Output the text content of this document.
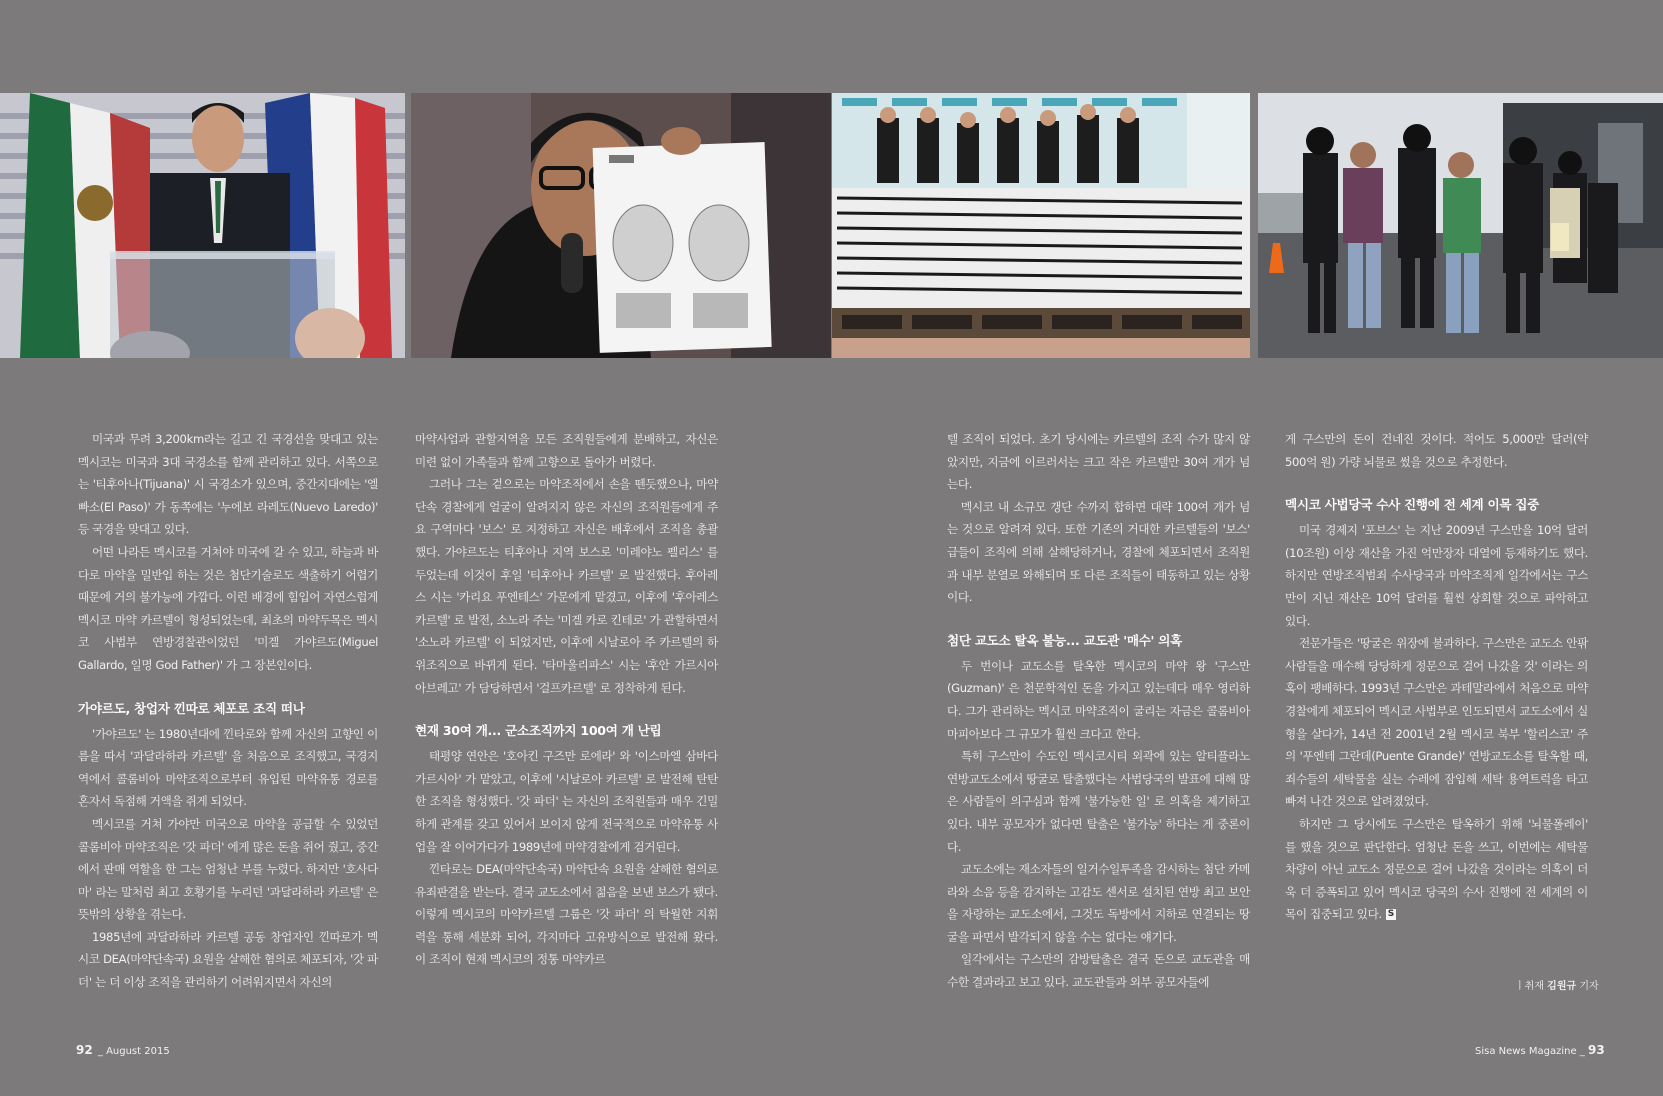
미국과 무려 3,200km라는 길고 긴 국경선을 맞대고 있는 멕시코는 미국과 3대 국경소를 함께 관리하고 있다. 서쪽으로는 '티후아나(Tijuana)' 시 국경소가 있으며, 중간지대에는 '엘 빠소(El Paso)' 가 동쪽에는 '누에보 라레도(Nuevo Laredo)' 등 국경을 맞대고 있다.

어떤 나라든 멕시코를 거쳐야 미국에 갈 수 있고, 하늘과 바다로 마약을 밀반입 하는 것은 첨단기술로도 색출하기 어렵기 때문에 거의 불가능에 가깝다. 이런 배경에 힘입어 자연스럽게 멕시코 마약 카르텔이 형성되었는데, 최초의 마약두목은 멕시코 사법부 연방경찰관이었던 '미겔 가야르도(Miguel Gallardo, 일명 God Father)' 가 그 장본인이다.

가야르도, 창업자 낀따로 체포로 조직 떠나

'가야르도' 는 1980년대에 낀타로와 함께 자신의 고향인 이름을 따서 '과달라하라 카르텔' 을 처음으로 조직했고, 국경지역에서 콜롬비아 마약조직으로부터 유입된 마약유통 경로를 혼자서 독점해 거액을 쥐게 되었다.

멕시코를 거쳐 가야만 미국으로 마약을 공급할 수 있었던 콜롬비아 마약조직은 '갓 파더' 에게 많은 돈을 쥐어 줬고, 중간에서 판매 역할을 한 그는 엄청난 부를 누렸다. 하지만 '호사다마' 라는 말처럼 최고 호황기를 누리던 '과달라하라 카르텔' 은 뜻밖의 상황을 겪는다.

1985년에 과달라하라 카르텔 공동 창업자인 낀따로가 멕시코 DEA(마약단속국) 요원을 살해한 혐의로 체포되자, '갓 파더' 는 더 이상 조직을 관리하기 어려워지면서 자신의

마약사업과 관할지역을 모든 조직원들에게 분배하고, 자신은 미련 없이 가족들과 함께 고향으로 돌아가 버렸다.

그러나 그는 겉으로는 마약조직에서 손을 뗀듯했으나, 마약단속 경찰에게 얼굴이 알려지지 않은 자신의 조직원들에게 주요 구역마다 '보스' 로 지정하고 자신은 배후에서 조직을 총괄했다. 가야르도는 티후아나 지역 보스로 '미레야노 펠리스' 를 두었는데 이것이 후일 '티후아나 카르텔' 로 발전했다. 후아레스 시는 '카리요 푸엔테스' 가문에게 맡겼고, 이후에 '후아레스 카르텔' 로 발전, 소노라 주는 '미겔 카로 킨테로' 가 관할하면서 '소노라 카르텔' 이 되었지만, 이후에 시날로아 주 카르텔의 하위조직으로 바뀌게 된다. '타마울리파스' 시는 '후안 가르시아 아브레고' 가 담당하면서 '걸프카르텔' 로 정착하게 된다.

현재 30여 개... 군소조직까지 100여 개 난립

태평양 연안은 '호아킨 구즈만 로에라' 와 '이스마엘 삼바다 가르시아' 가 맡았고, 이후에 '시날로아 카르텔' 로 발전해 탄탄한 조직을 형성했다. '갓 파더' 는 자신의 조직원들과 매우 긴밀하게 관계를 갖고 있어서 보이지 않게 전국적으로 마약유통 사업을 잘 이어가다가 1989년에 마약경찰에게 검거된다.

낀타로는 DEA(마약단속국) 마약단속 요원을 살해한 혐의로 유죄판결을 받는다. 결국 교도소에서 젊음을 보낸 보스가 됐다. 이렇게 멕시코의 마약카르텔 그룹은 '갓 파더' 의 탁월한 지휘력을 통해 세분화 되어, 각지마다 고유방식으로 발전해 왔다. 이 조직이 현재 멕시코의 정통 마약카르

텔 조직이 되었다. 초기 당시에는 카르텔의 조직 수가 많지 않았지만, 지금에 이르러서는 크고 작은 카르텔만 30여 개가 넘는다.

멕시코 내 소규모 갱단 수까지 합하면 대략 100여 개가 넘는 것으로 알려져 있다. 또한 기존의 거대한 카르텔들의 '보스' 급들이 조직에 의해 살해당하거나, 경찰에 체포되면서 조직원과 내부 분열로 와해되며 또 다른 조직들이 태동하고 있는 상황이다.

첨단 교도소 탈옥 불능... 교도관 '매수' 의혹

두 번이나 교도소를 탈옥한 멕시코의 마약 왕 '구스만(Guzman)' 은 천문학적인 돈을 가지고 있는데다 매우 영리하다. 그가 관리하는 멕시코 마약조직이 굴리는 자금은 콜롬비아 마피아보다 그 규모가 훨씬 크다고 한다.

특히 구스만이 수도인 멕시코시티 외곽에 있는 알티플라노 연방교도소에서 땅굴로 탈출했다는 사법당국의 발표에 대해 많은 사람들이 의구심과 함께 '불가능한 일' 로 의혹을 제기하고 있다. 내부 공모자가 없다면 탈출은 '불가능' 하다는 게 중론이다.

교도소에는 재소자들의 일거수일투족을 감시하는 첨단 카메라와 소음 등을 감지하는 고감도 센서로 설치된 연방 최고 보안을 자랑하는 교도소에서, 그것도 독방에서 지하로 연결되는 땅굴을 파면서 발각되지 않을 수는 없다는 얘기다.

일각에서는 구스만의 감방탈출은 결국 돈으로 교도관을 매수한 결과라고 보고 있다. 교도관들과 외부 공모자들에

게 구스만의 돈이 건네진 것이다. 적어도 5,000만 달러(약 500억 원) 가량 뇌물로 썼을 것으로 추정한다.

멕시코 사법당국 수사 진행에 전 세계 이목 집중

미국 경제지 '포브스' 는 지난 2009년 구스만을 10억 달러(10조원) 이상 재산을 가진 억만장자 대열에 등재하기도 했다. 하지만 연방조직범죄 수사당국과 마약조직계 일각에서는 구스만이 지닌 재산은 10억 달러를 훨씬 상회할 것으로 파악하고 있다.

전문가들은 '땅굴은 위장에 불과하다. 구스만은 교도소 안팎 사람들을 매수해 당당하게 정문으로 걸어 나갔을 것' 이라는 의혹이 팽배하다. 1993년 구스만은 과테말라에서 처음으로 마약경찰에게 체포되어 멕시코 사법부로 인도되면서 교도소에서 실형을 살다가, 14년 전 2001년 2월 멕시코 북부 '할리스코' 주의 '푸엔테 그란데(Puente Grande)' 연방교도소를 탈옥할 때, 죄수들의 세탁물을 실는 수레에 잠입해 세탁 용역트럭을 타고 빠져 나간 것으로 알려졌었다.

하지만 그 당시에도 구스만은 탈옥하기 위해 '뇌물폴레이' 를 했을 것으로 판단한다. 엄청난 돈을 쓰고, 이번에는 세탁물 차량이 아닌 교도소 정문으로 걸어 나갔을 것이라는 의혹이 더욱 더 증폭되고 있어 멕시코 당국의 수사 진행에 전 세계의 이목이 집중되고 있다. S

ㅣ취재 김원규 기자
92 _ August 2015	Sisa News Magazine _ 93
